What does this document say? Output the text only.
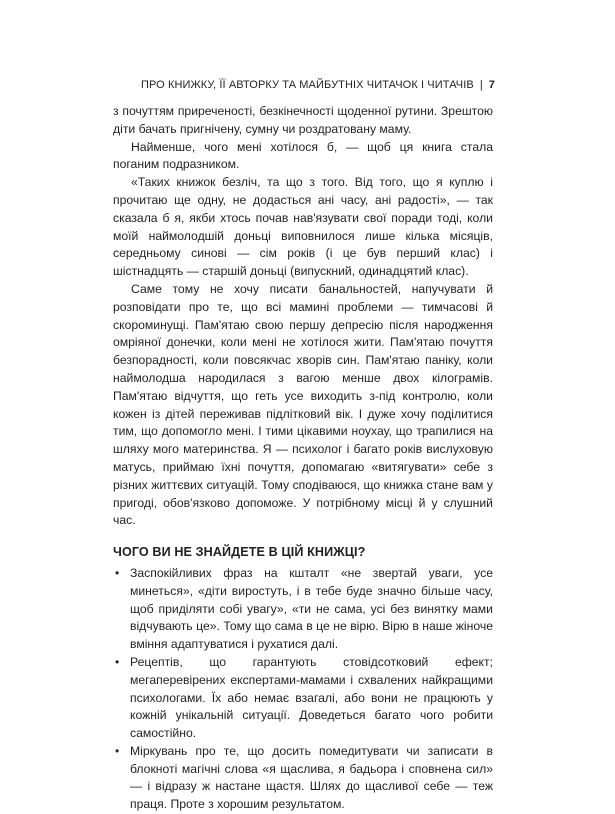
ПРО КНИЖКУ, ЇЇ АВТОРКУ ТА МАЙБУТНІХ ЧИТАЧОК І ЧИТАЧІВ | 7

з почуттям приреченості, безкінечності щоденної рутини. Зрештою діти бачать пригнічену, сумну чи роздратовану маму.

Найменше, чого мені хотілося б, — щоб ця книга стала поганим подразником.

«Таких книжок безліч, та що з того. Від того, що я куплю і прочитаю ще одну, не додасться ані часу, ані радості», — так сказала б я, якби хтось почав нав'язувати свої поради тоді, коли моїй наймолодшій доньці виповнилося лише кілька місяців, середньому синові — сім років (і це був перший клас) і шістнадцять — старшій доньці (випускний, одинадцятий клас).

Саме тому не хочу писати банальностей, напучувати й розповідати про те, що всі мамині проблеми — тимчасові й скороминущі. Пам'ятаю свою першу депресію після народження омріяної донечки, коли мені не хотілося жити. Пам'ятаю почуття безпорадності, коли повсякчас хворів син. Пам'ятаю паніку, коли наймолодша народилася з вагою менше двох кілограмів. Пам'ятаю відчуття, що геть усе виходить з-під контролю, коли кожен із дітей переживав підлітковий вік. І дуже хочу поділитися тим, що допомогло мені. І тими цікавими ноухау, що трапилися на шляху мого материнства. Я — психолог і багато років вислуховую матусь, приймаю їхні почуття, допомагаю «витягувати» себе з різних життєвих ситуацій. Тому сподіваюся, що книжка стане вам у пригоді, обов'язково допоможе. У потрібному місці й у слушний час.

ЧОГО ВИ НЕ ЗНАЙДЕТЕ В ЦІЙ КНИЖЦІ?
• Заспокійливих фраз на кшталт «не звертай уваги, усе минеться», «діти виростуть, і в тебе буде значно більше часу, щоб приділяти собі увагу», «ти не сама, усі без винятку мами відчувають це». Тому що сама в це не вірю. Вірю в наше жіноче вміння адаптуватися і рухатися далі.
• Рецептів, що гарантують стовідсотковий ефект; мегаперевірених експертами-мамами і схвалених найкращими психологами. Їх або немає взагалі, або вони не працюють у кожній унікальній ситуації. Доведеться багато чого робити самостійно.
• Міркувань про те, що досить помедитувати чи записати в блокноті магічні слова «я щаслива, я бадьора і сповнена сил» — і відразу ж настане щастя. Шлях до щасливої себе — теж праця. Проте з хорошим результатом.
